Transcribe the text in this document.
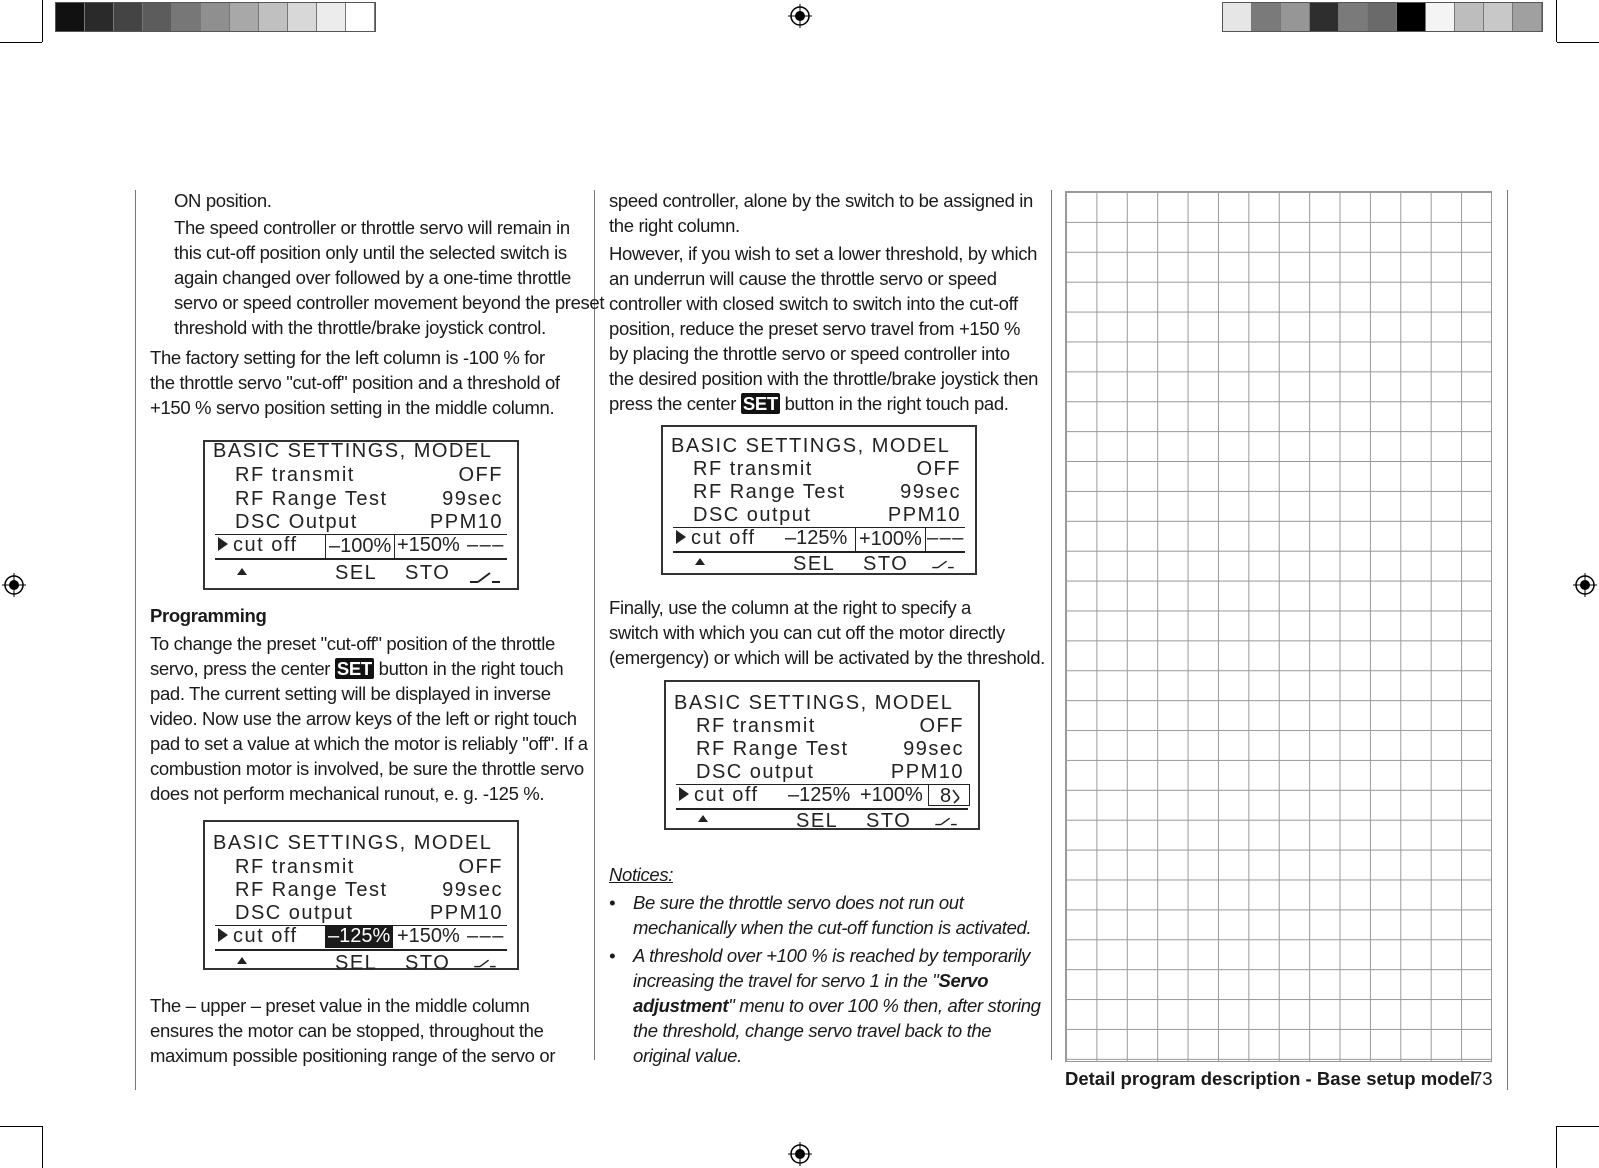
ON position.

The speed controller or throttle servo will remain in

this cut-off position only until the selected switch is

again changed over followed by a one-time throttle

servo or speed controller movement beyond the preset

threshold with the throttle/brake joystick control.

The factory setting for the left column is -100 % for

the throttle servo "cut-off" position and a threshold of

+150 % servo position setting in the middle column.

BASIC SETTINGS, MODEL
RF transmit	OFF
RF Range Test	99sec
DSC Output	PPM10
cut off –100% +150% –––
SEL STO

Programming

To change the preset "cut-off" position of the throttle

servo, press the center SET button in the right touch

pad. The current setting will be displayed in inverse

video. Now use the arrow keys of the left or right touch

pad to set a value at which the motor is reliably "off". If a

combustion motor is involved, be sure the throttle servo

does not perform mechanical runout, e. g. -125 %.

BASIC SETTINGS, MODEL
RF transmit	OFF
RF Range Test	99sec
DSC output	PPM10
cut off –125% +150% –––
SEL STO

The – upper – preset value in the middle column

ensures the motor can be stopped, throughout the

maximum possible positioning range of the servo or

speed controller, alone by the switch to be assigned in

the right column.

However, if you wish to set a lower threshold, by which

an underrun will cause the throttle servo or speed

controller with closed switch to switch into the cut-off

position, reduce the preset servo travel from +150 %

by placing the throttle servo or speed controller into

the desired position with the throttle/brake joystick then

press the center SET button in the right touch pad.

BASIC SETTINGS, MODEL
RF transmit	OFF
RF Range Test	99sec
DSC output	PPM10
cut off –125% +100% –––
SEL STO

Finally, use the column at the right to specify a

switch with which you can cut off the motor directly

(emergency) or which will be activated by the threshold.

BASIC SETTINGS, MODEL
RF transmit	OFF
RF Range Test	99sec
DSC output	PPM10
cut off –125% +100% 8
SEL STO

Notices:

• Be sure the throttle servo does not run out

mechanically when the cut-off function is activated.

• A threshold over +100 % is reached by temporarily

increasing the travel for servo 1 in the "Servo

adjustment" menu to over 100 % then, after storing

the threshold, change servo travel back to the

original value.

Detail program description - Base setup model
73
